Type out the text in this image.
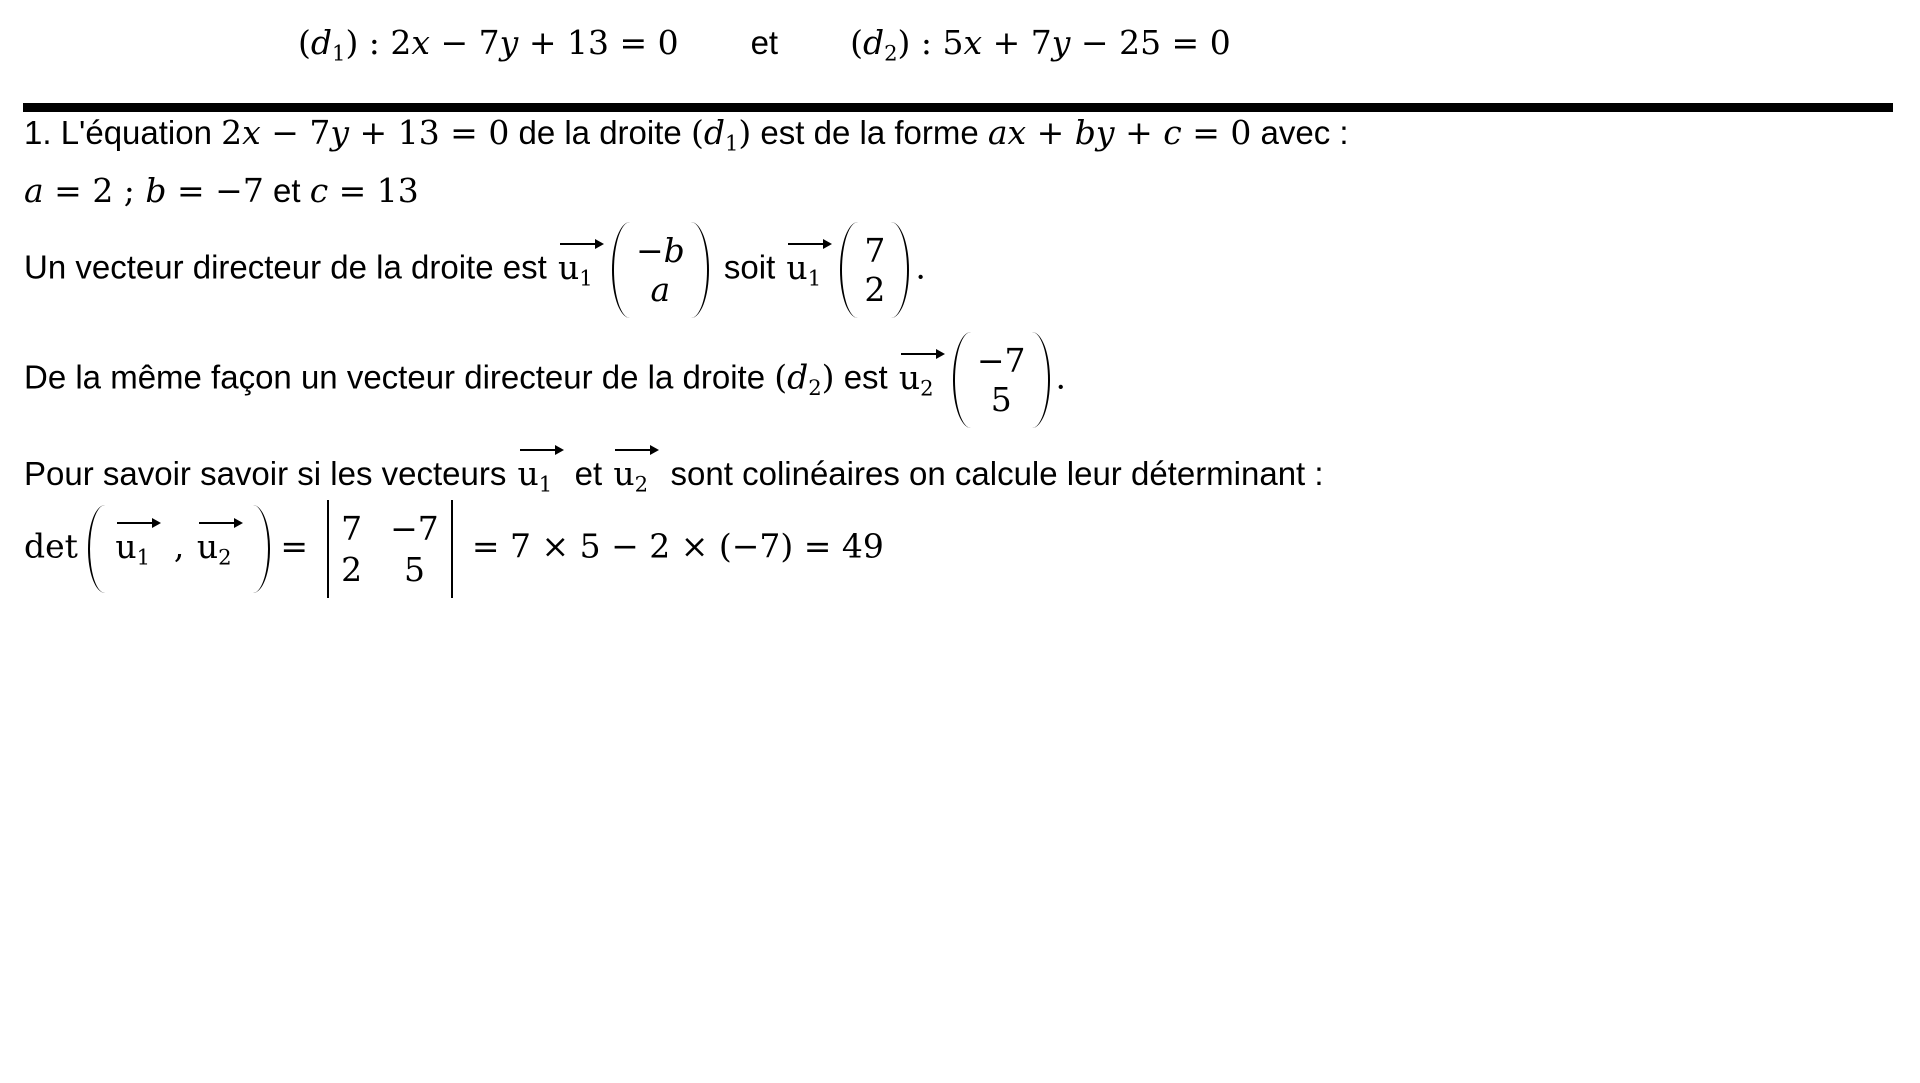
(d1) : 2x − 7y + 13 = 0 et (d2) : 5x + 7y − 25 = 0
1. L'équation 2x − 7y + 13 = 0 de la droite (d1) est de la forme ax + by + c = 0 avec :
a = 2 ; b = −7 et c = 13
Un vecteur directeur de la droite est u1
−b
a
soit u1
7
2
.
De la même façon un vecteur directeur de la droite (d2) est u2
−7
5
.
Pour savoir savoir si les vecteurs u1 et u2 sont colinéaires on calcule leur déterminant :
det u1 , u2	= 7 −7
2	5
= 7 × 5 − 2 × (−7) = 49
